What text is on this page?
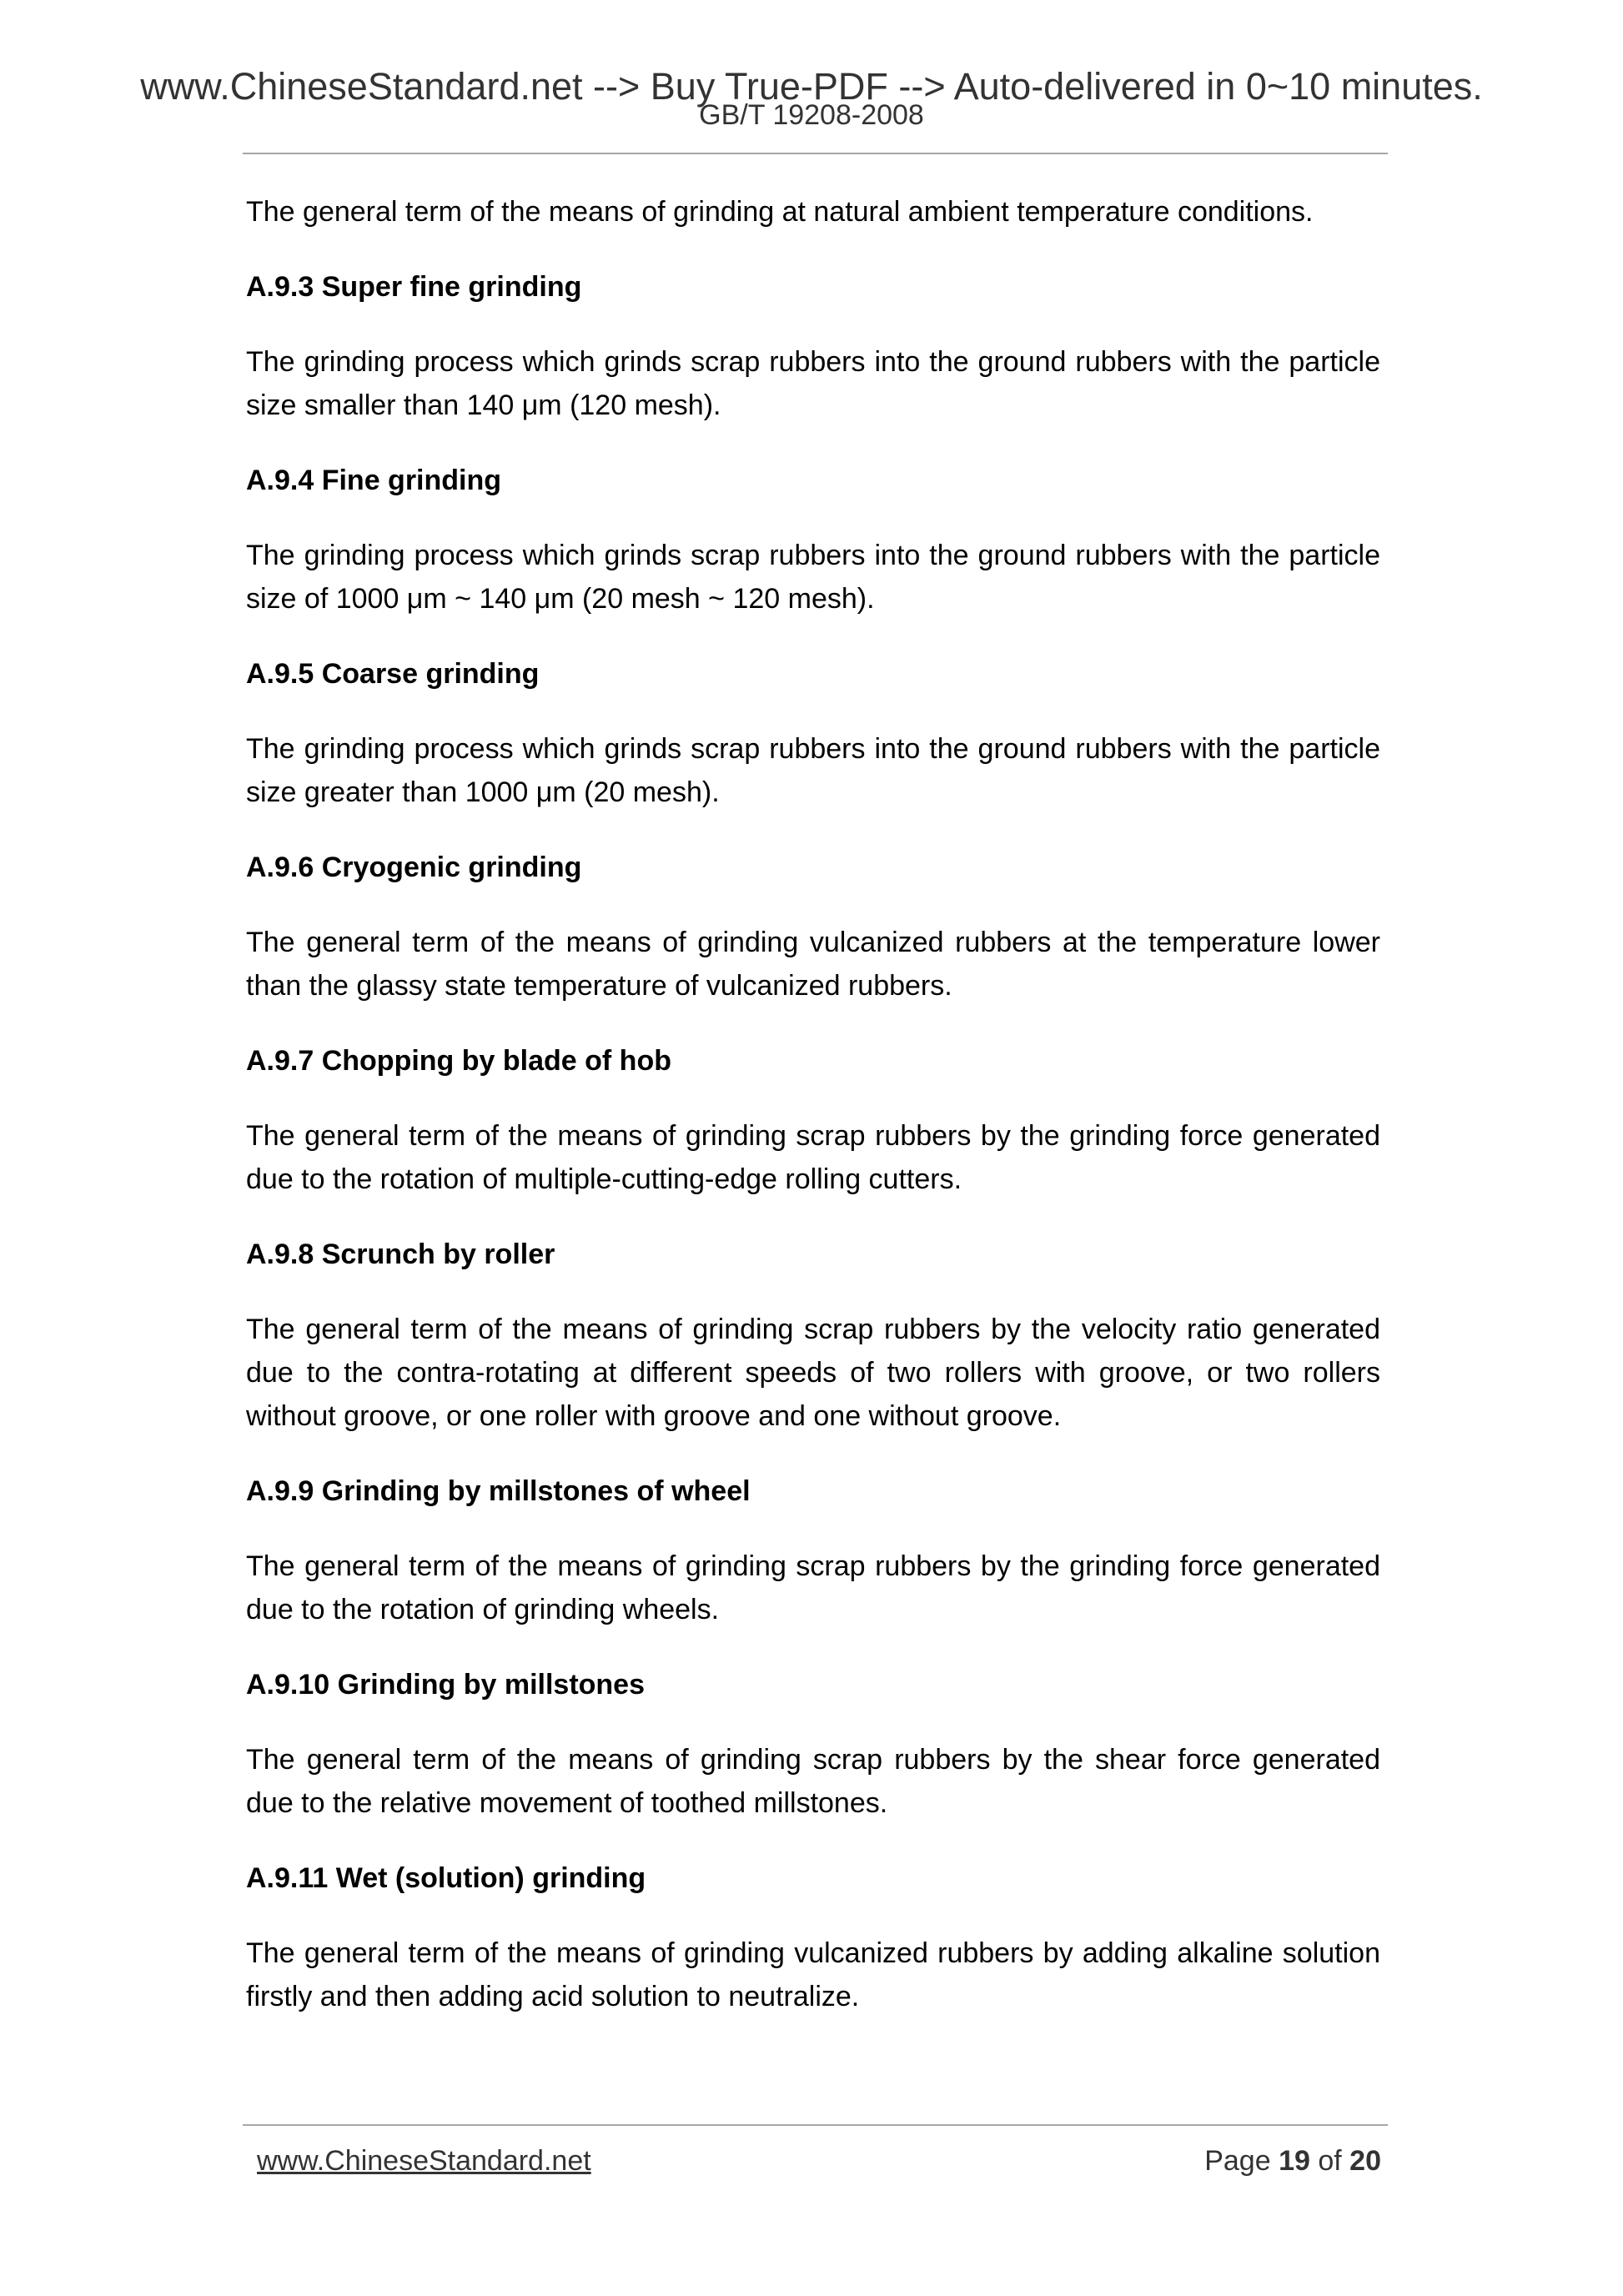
www.ChineseStandard.net --> Buy True-PDF --> Auto-delivered in 0~10 minutes.
GB/T 19208-2008

The general term of the means of grinding at natural ambient temperature conditions.

A.9.3 Super fine grinding

The grinding process which grinds scrap rubbers into the ground rubbers with the particle size smaller than 140 μm (120 mesh).

A.9.4 Fine grinding

The grinding process which grinds scrap rubbers into the ground rubbers with the particle size of 1000 μm ~ 140 μm (20 mesh ~ 120 mesh).

A.9.5 Coarse grinding

The grinding process which grinds scrap rubbers into the ground rubbers with the particle size greater than 1000 μm (20 mesh).

A.9.6 Cryogenic grinding

The general term of the means of grinding vulcanized rubbers at the temperature lower than the glassy state temperature of vulcanized rubbers.

A.9.7 Chopping by blade of hob

The general term of the means of grinding scrap rubbers by the grinding force generated due to the rotation of multiple-cutting-edge rolling cutters.

A.9.8 Scrunch by roller

The general term of the means of grinding scrap rubbers by the velocity ratio generated due to the contra-rotating at different speeds of two rollers with groove, or two rollers without groove, or one roller with groove and one without groove.

A.9.9 Grinding by millstones of wheel

The general term of the means of grinding scrap rubbers by the grinding force generated due to the rotation of grinding wheels.

A.9.10 Grinding by millstones

The general term of the means of grinding scrap rubbers by the shear force generated due to the relative movement of toothed millstones.

A.9.11 Wet (solution) grinding

The general term of the means of grinding vulcanized rubbers by adding alkaline solution firstly and then adding acid solution to neutralize.

www.ChineseStandard.net	Page 19 of 20
